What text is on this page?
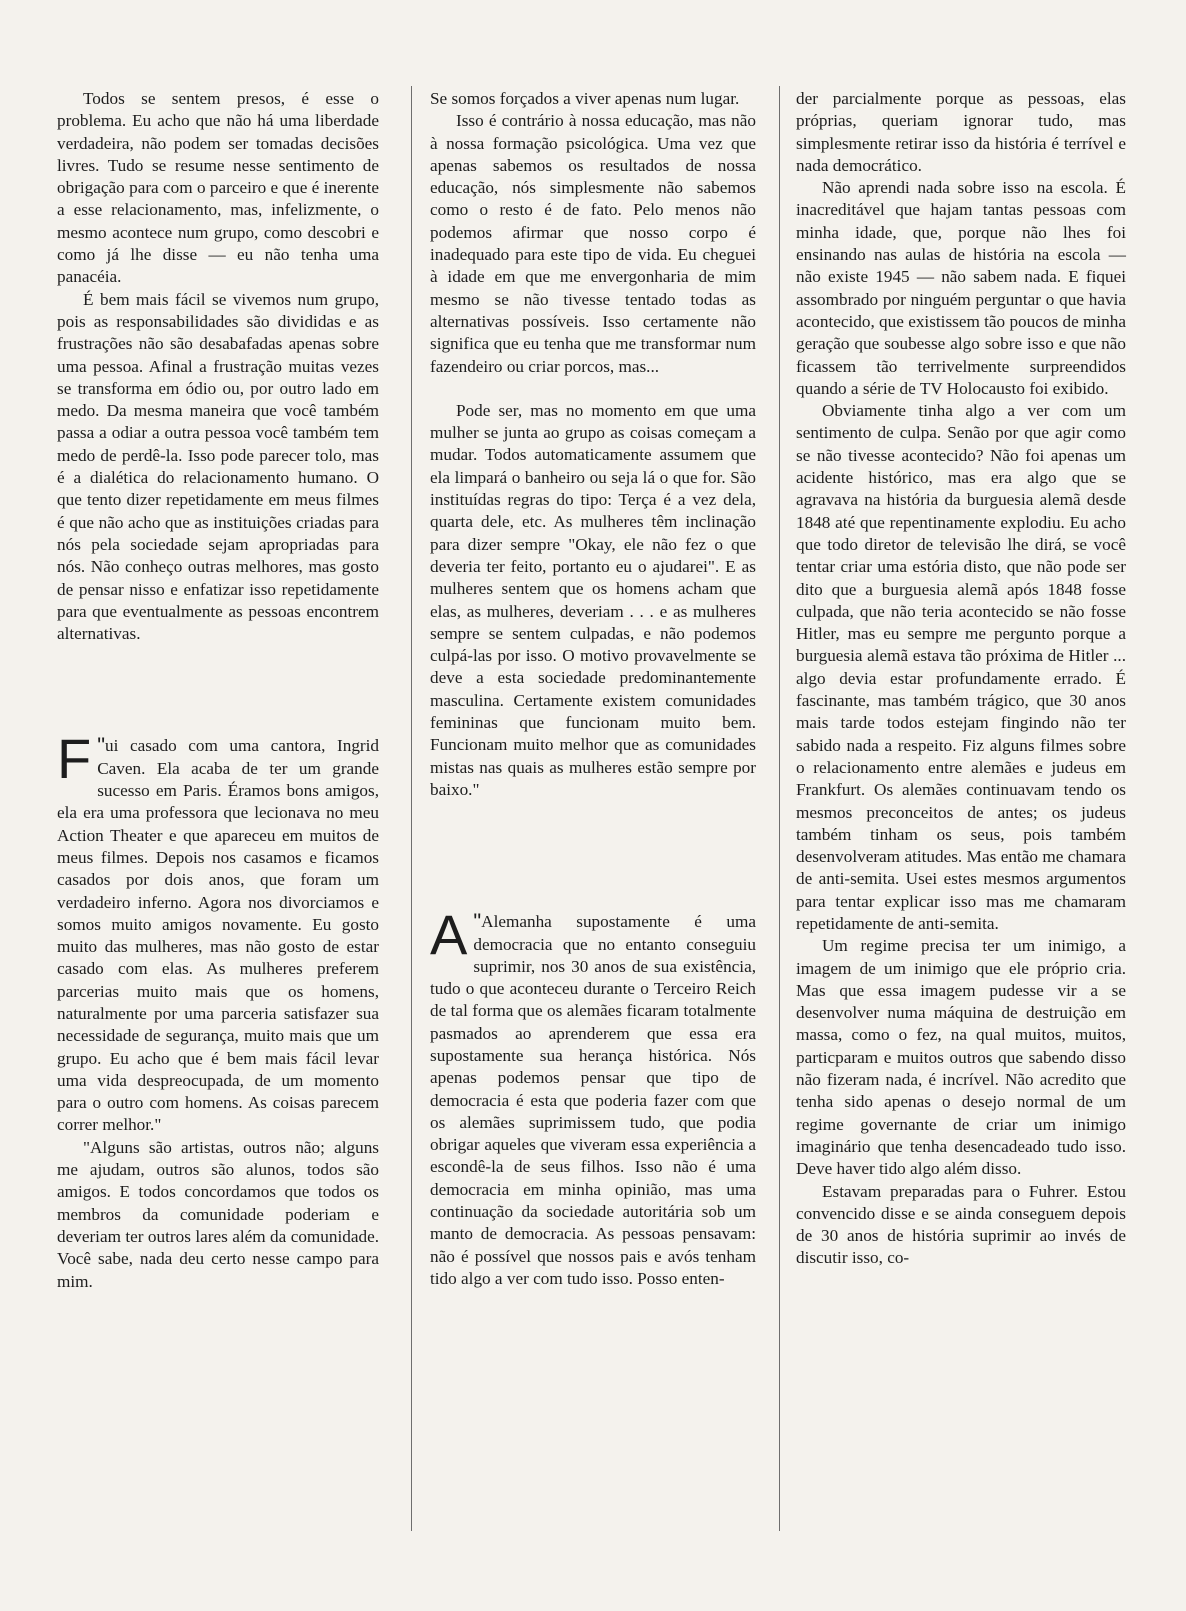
Todos se sentem presos, é esse o problema. Eu acho que não há uma liberdade verdadeira, não podem ser tomadas decisões livres. Tudo se resume nesse sentimento de obrigação para com o parceiro e que é inerente a esse relacionamento, mas, infelizmente, o mesmo acontece num grupo, como descobri e como já lhe disse — eu não tenha uma panacéia.

É bem mais fácil se vivemos num grupo, pois as responsabilidades são divididas e as frustrações não são desabafadas apenas sobre uma pessoa. Afinal a frustração muitas vezes se transforma em ódio ou, por outro lado em medo. Da mesma maneira que você também passa a odiar a outra pessoa você também tem medo de perdê-la. Isso pode parecer tolo, mas é a dialética do relacionamento humano. O que tento dizer repetidamente em meus filmes é que não acho que as instituições criadas para nós pela sociedade sejam apropriadas para nós. Não conheço outras melhores, mas gosto de pensar nisso e enfatizar isso repetidamente para que eventualmente as pessoas encontrem alternativas.

"
F ui casado com uma cantora, Ingrid Caven. Ela acaba de ter um grande sucesso em Paris. Éramos bons amigos, ela era uma professora que lecionava no meu Action Theater e que apareceu em muitos de meus filmes. Depois nos casamos e ficamos casados por dois anos, que foram um verdadeiro inferno. Agora nos divorciamos e somos muito amigos novamente. Eu gosto muito das mulheres, mas não gosto de estar casado com elas. As mulheres preferem parcerias muito mais que os homens, naturalmente por uma parceria satisfazer sua necessidade de segurança, muito mais que um grupo. Eu acho que é bem mais fácil levar uma vida despreocupada, de um momento para o outro com homens. As coisas parecem correr melhor."

"Alguns são artistas, outros não; alguns me ajudam, outros são alunos, todos são amigos. E todos concordamos que todos os membros da comunidade poderiam e deveriam ter outros lares além da comunidade. Você sabe, nada deu certo nesse campo para mim.

Se somos forçados a viver apenas num lugar.

Isso é contrário à nossa educação, mas não à nossa formação psicológica. Uma vez que apenas sabemos os resultados de nossa educação, nós simplesmente não sabemos como o resto é de fato. Pelo menos não podemos afirmar que nosso corpo é inadequado para este tipo de vida. Eu cheguei à idade em que me envergonharia de mim mesmo se não tivesse tentado todas as alternativas possíveis. Isso certamente não significa que eu tenha que me transformar num fazendeiro ou criar porcos, mas...

Pode ser, mas no momento em que uma mulher se junta ao grupo as coisas começam a mudar. Todos automaticamente assumem que ela limpará o banheiro ou seja lá o que for. São instituídas regras do tipo: Terça é a vez dela, quarta dele, etc. As mulheres têm inclinação para dizer sempre "Okay, ele não fez o que deveria ter feito, portanto eu o ajudarei". E as mulheres sentem que os homens acham que elas, as mulheres, deveriam . . . e as mulheres sempre se sentem culpadas, e não podemos culpá-las por isso. O motivo provavelmente se deve a esta sociedade predominantemente masculina. Certamente existem comunidades femininas que funcionam muito bem. Funcionam muito melhor que as comunidades mistas nas quais as mulheres estão sempre por baixo."

"
A Alemanha supostamente é uma democracia que no entanto conseguiu suprimir, nos 30 anos de sua existência, tudo o que aconteceu durante o Terceiro Reich de tal forma que os alemães ficaram totalmente pasmados ao aprenderem que essa era supostamente sua herança histórica. Nós apenas podemos pensar que tipo de democracia é esta que poderia fazer com que os alemães suprimissem tudo, que podia obrigar aqueles que viveram essa experiência a escondê-la de seus filhos. Isso não é uma democracia em minha opinião, mas uma continuação da sociedade autoritária sob um manto de democracia. As pessoas pensavam: não é possível que nossos pais e avós tenham tido algo a ver com tudo isso. Posso enten-

der parcialmente porque as pessoas, elas próprias, queriam ignorar tudo, mas simplesmente retirar isso da história é terrível e nada democrático.

Não aprendi nada sobre isso na escola. É inacreditável que hajam tantas pessoas com minha idade, que, porque não lhes foi ensinando nas aulas de história na escola — não existe 1945 — não sabem nada. E fiquei assombrado por ninguém perguntar o que havia acontecido, que existissem tão poucos de minha geração que soubesse algo sobre isso e que não ficassem tão terrivelmente surpreendidos quando a série de TV Holocausto foi exibido.

Obviamente tinha algo a ver com um sentimento de culpa. Senão por que agir como se não tivesse acontecido? Não foi apenas um acidente histórico, mas era algo que se agravava na história da burguesia alemã desde 1848 até que repentinamente explodiu. Eu acho que todo diretor de televisão lhe dirá, se você tentar criar uma estória disto, que não pode ser dito que a burguesia alemã após 1848 fosse culpada, que não teria acontecido se não fosse Hitler, mas eu sempre me pergunto porque a burguesia alemã estava tão próxima de Hitler ... algo devia estar profundamente errado. É fascinante, mas também trágico, que 30 anos mais tarde todos estejam fingindo não ter sabido nada a respeito. Fiz alguns filmes sobre o relacionamento entre alemães e judeus em Frankfurt. Os alemães continuavam tendo os mesmos preconceitos de antes; os judeus também tinham os seus, pois também desenvolveram atitudes. Mas então me chamara de anti-semita. Usei estes mesmos argumentos para tentar explicar isso mas me chamaram repetidamente de anti-semita.

Um regime precisa ter um inimigo, a imagem de um inimigo que ele próprio cria. Mas que essa imagem pudesse vir a se desenvolver numa máquina de destruição em massa, como o fez, na qual muitos, muitos, particparam e muitos outros que sabendo disso não fizeram nada, é incrível. Não acredito que tenha sido apenas o desejo normal de um regime governante de criar um inimigo imaginário que tenha desencadeado tudo isso. Deve haver tido algo além disso.

Estavam preparadas para o Fuhrer. Estou convencido disse e se ainda conseguem depois de 30 anos de história suprimir ao invés de discutir isso, co-
